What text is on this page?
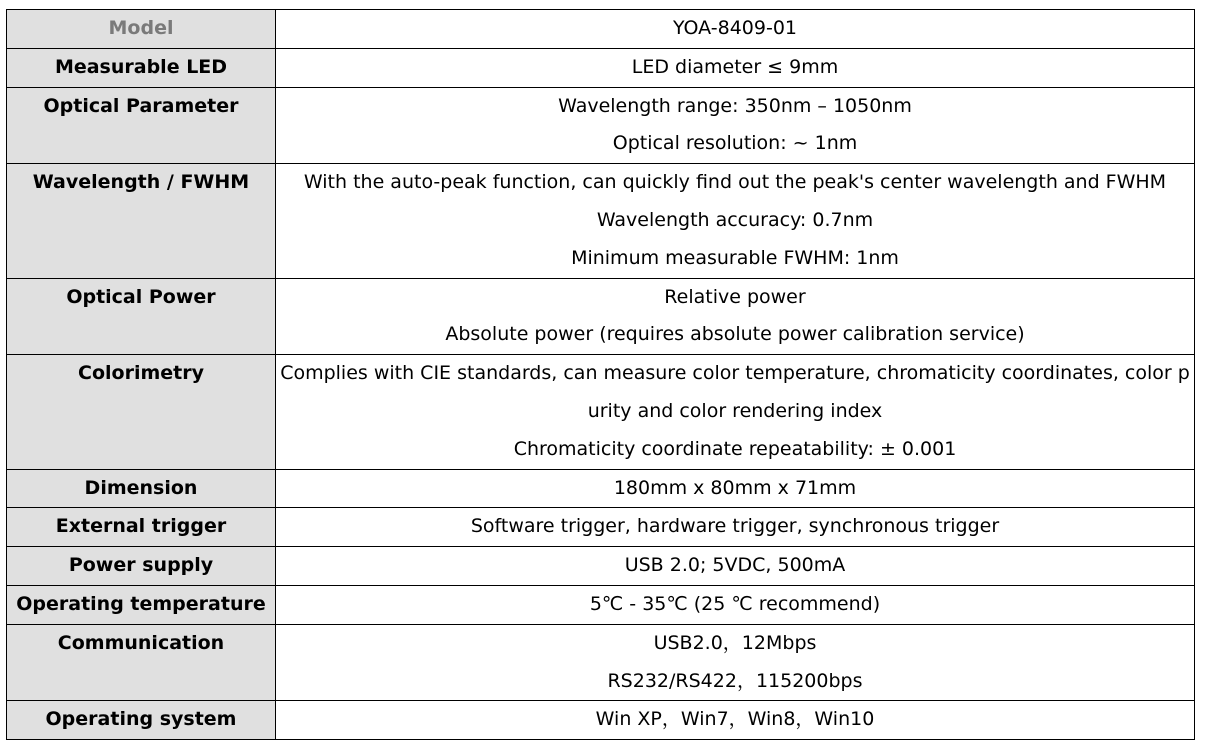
Model	YOA-8409-01

Measurable LED	LED diameter ≤ 9mm

Optical Parameter	Wavelength range: 350nm – 1050nm
Optical resolution: ~ 1nm

Wavelength / FWHM	With the auto-peak function, can quickly find out the peak's center wavelength and FWHM
Wavelength accuracy: 0.7nm
Minimum measurable FWHM: 1nm

Optical Power	Relative power
Absolute power (requires absolute power calibration service)

Colorimetry	Complies with CIE standards, can measure color temperature, chromaticity coordinates, color p
urity and color rendering index
Chromaticity coordinate repeatability: ± 0.001

Dimension	180mm x 80mm x 71mm

External trigger	Software trigger, hardware trigger, synchronous trigger

Power supply	USB 2.0; 5VDC, 500mA

Operating temperature	5℃ - 35℃ (25 ℃ recommend)

Communication	USB2.0，12Mbps
RS232/RS422，115200bps

Operating system	Win XP，Win7，Win8，Win10
